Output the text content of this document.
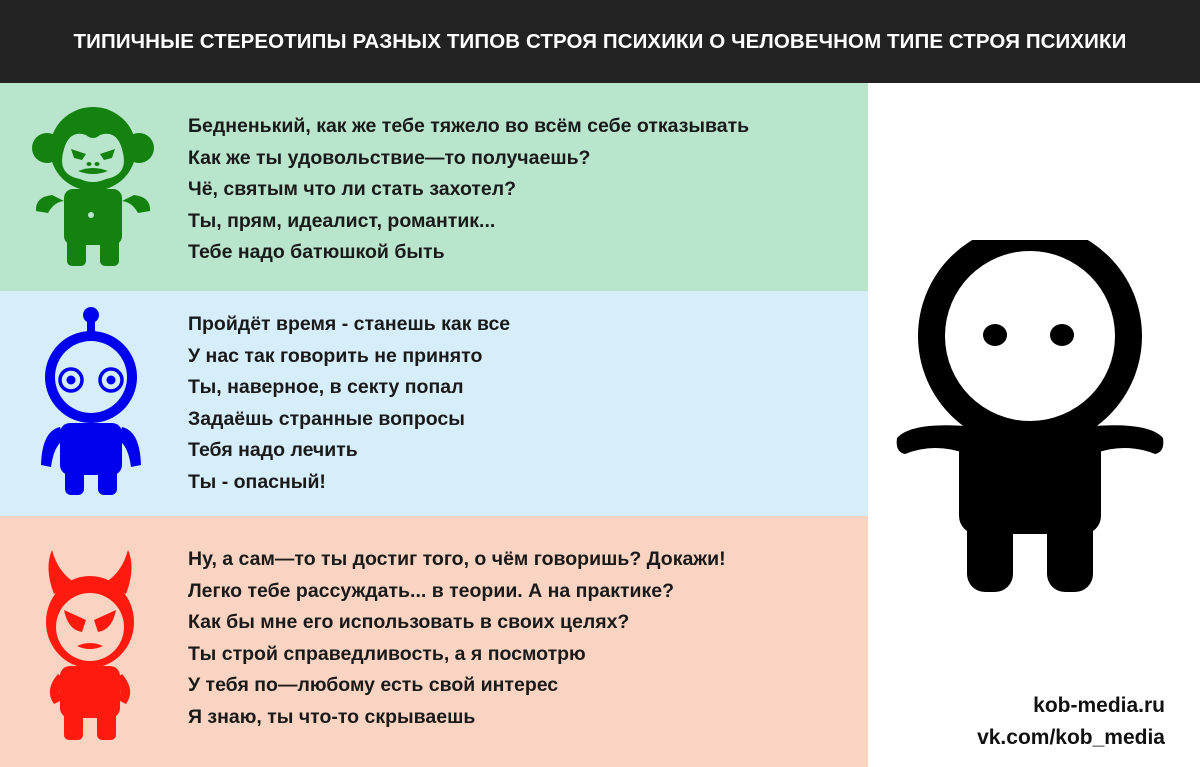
ТИПИЧНЫЕ СТЕРЕОТИПЫ РАЗНЫХ ТИПОВ СТРОЯ ПСИХИКИ О ЧЕЛОВЕЧНОМ ТИПЕ СТРОЯ ПСИХИКИ
Бедненький, как же тебе тяжело во всём себе отказывать
Как же ты удовольствие—то получаешь?
Чё, святым что ли стать захотел?
Ты, прям, идеалист, романтик...
Тебе надо батюшкой быть
Пройдёт время - станешь как все
У нас так говорить не принято
Ты, наверное, в секту попал
Задаёшь странные вопросы
Тебя надо лечить
Ты - опасный!
Ну, а сам—то ты достиг того, о чём говоришь? Докажи!
Легко тебе рассуждать... в теории. А на практике?
Как бы мне его использовать в своих целях?
Ты строй справедливость, а я посмотрю
У тебя по—любому есть свой интерес
Я знаю, ты что-то скрываешь	kob-media.ru
vk.com/kob_media
